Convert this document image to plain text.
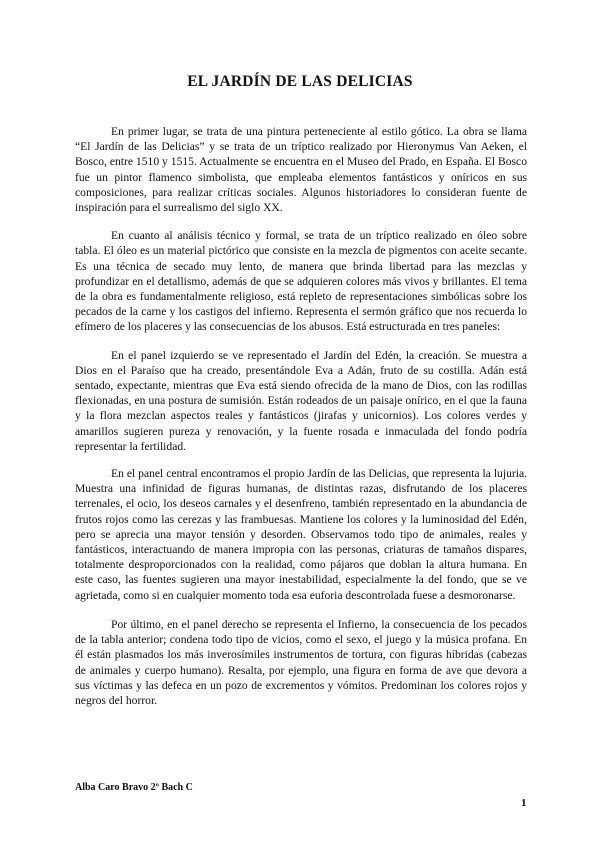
EL JARDÍN DE LAS DELICIAS

En primer lugar, se trata de una pintura perteneciente al estilo gótico. La obra se llama “El Jardín de las Delicias” y se trata de un tríptico realizado por Hieronymus Van Aeken, el Bosco, entre 1510 y 1515. Actualmente se encuentra en el Museo del Prado, en España. El Bosco fue un pintor flamenco simbolista, que empleaba elementos fantásticos y oníricos en sus composiciones, para realizar críticas sociales. Algunos historiadores lo consideran fuente de inspiración para el surrealismo del siglo XX.

En cuanto al análisis técnico y formal, se trata de un tríptico realizado en óleo sobre tabla. El óleo es un material pictórico que consiste en la mezcla de pigmentos con aceite secante. Es una técnica de secado muy lento, de manera que brinda libertad para las mezclas y profundizar en el detallismo, además de que se adquieren colores más vivos y brillantes. El tema de la obra es fundamentalmente religioso, está repleto de representaciones simbólicas sobre los pecados de la carne y los castigos del infierno. Representa el sermón gráfico que nos recuerda lo efímero de los placeres y las consecuencias de los abusos. Está estructurada en tres paneles:

En el panel izquierdo se ve representado el Jardín del Edén, la creación. Se muestra a Dios en el Paraíso que ha creado, presentándole Eva a Adán, fruto de su costilla. Adán está sentado, expectante, mientras que Eva está siendo ofrecida de la mano de Dios, con las rodillas flexionadas, en una postura de sumisión. Están rodeados de un paisaje onírico, en el que la fauna y la flora mezclan aspectos reales y fantásticos (jirafas y unicornios). Los colores verdes y amarillos sugieren pureza y renovación, y la fuente rosada e inmaculada del fondo podría representar la fertilidad.

En el panel central encontramos el propio Jardín de las Delicias, que representa la lujuria. Muestra una infinidad de figuras humanas, de distintas razas, disfrutando de los placeres terrenales, el ocio, los deseos carnales y el desenfreno, también representado en la abundancia de frutos rojos como las cerezas y las frambuesas. Mantiene los colores y la luminosidad del Edén, pero se aprecia una mayor tensión y desorden. Observamos todo tipo de animales, reales y fantásticos, interactuando de manera impropia con las personas, criaturas de tamaños dispares, totalmente desproporcionados con la realidad, como pájaros que doblan la altura humana. En este caso, las fuentes sugieren una mayor inestabilidad, especialmente la del fondo, que se ve agrietada, como si en cualquier momento toda esa euforia descontrolada fuese a desmoronarse.

Por último, en el panel derecho se representa el Infierno, la consecuencia de los pecados de la tabla anterior; condena todo tipo de vicios, como el sexo, el juego y la música profana. En él están plasmados los más inverosímiles instrumentos de tortura, con figuras híbridas (cabezas de animales y cuerpo humano). Resalta, por ejemplo, una figura en forma de ave que devora a sus víctimas y las defeca en un pozo de excrementos y vómitos. Predominan los colores rojos y negros del horror.

Alba Caro Bravo 2º Bach C

1
